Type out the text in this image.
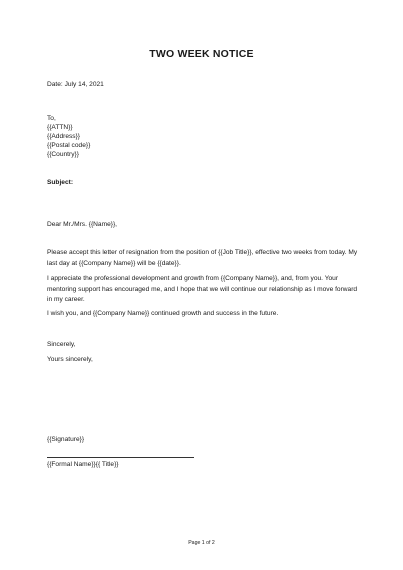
TWO WEEK NOTICE
Date: July 14, 2021
To,
{{ATTN}}
{{Address}}
{{Postal code}}
{{Country}}
Subject:
Dear Mr./Mrs. {{Name}},
Please accept this letter of resignation from the position of {{Job Title}}, effective two weeks from today. My last day at {{Company Name}} will be {{date}}.
I appreciate the professional development and growth from {{Company Name}}, and, from you. Your mentoring support has encouraged me, and I hope that we will continue our relationship as I move forward in my career.
I wish you, and {{Company Name}} continued growth and success in the future.
Sincerely,
Yours sincerely,
{{Signature}}
{{Formal Name}}{{ Title}}
Page 1 of 2
